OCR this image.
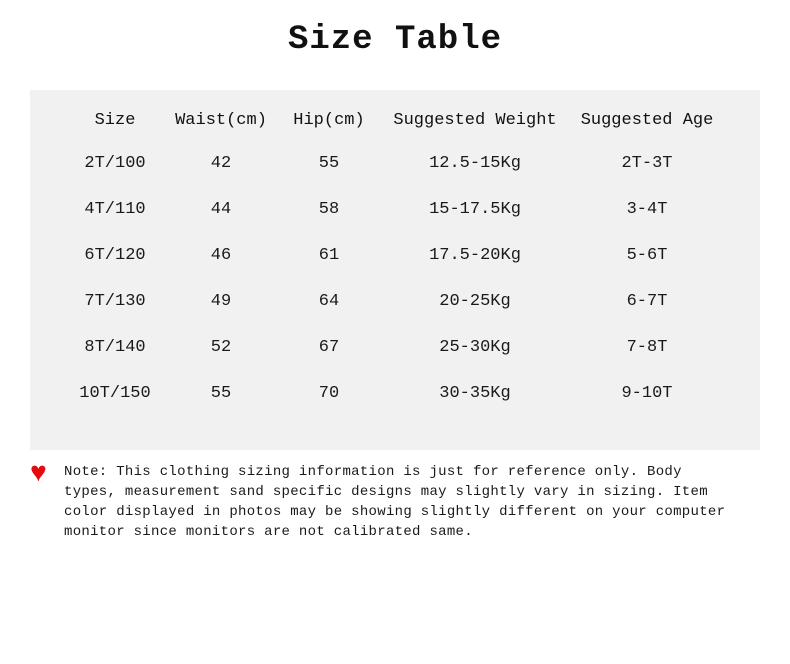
Size Table
Size	Waist(cm)	Hip(cm)	Suggested Weight	Suggested Age
2T/100	42	55	12.5-15Kg	2T-3T
4T/110	44	58	15-17.5Kg	3-4T
6T/120	46	61	17.5-20Kg	5-6T
7T/130	49	64	20-25Kg	6-7T
8T/140	52	67	25-30Kg	7-8T
10T/150	55	70	30-35Kg	9-10T
♥	Note: This clothing sizing information is just for reference only. Body
types, measurement sand specific designs may slightly vary in sizing. Item
color displayed in photos may be showing slightly different on your computer
monitor since monitors are not calibrated same.
